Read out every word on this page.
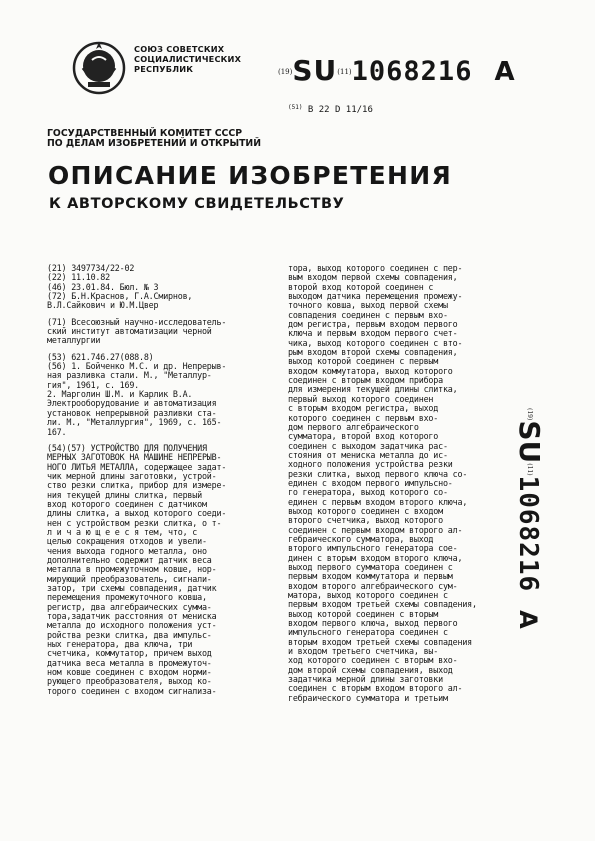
СОЮЗ СОВЕТСКИХ
СОЦИАЛИСТИЧЕСКИХ
РЕСПУБЛИК	$^{(19)}$SU$^{(11)}$1068216 A
$^{(51)}$ В 22 D 11/16
ГОСУДАРСТВЕННЫЙ КОМИТЕТ СССР
ПО ДЕЛАМ ИЗОБРЕТЕНИЙ И ОТКРЫТИЙ
ОПИСАНИЕ ИЗОБРЕТЕНИЯ
К АВТОРСКОМУ СВИДЕТЕЛЬСТВУ
(21) 3497734/22-02
(22) 11.10.82
(46) 23.01.84. Бюл. № 3
(72) Б.Н.Краснов, Г.А.Смирнов,
В.Л.Сайкович и Ю.М.Цвер
(71) Всесоюзный научно-исследователь-
ский институт автоматизации черной
металлургии
(53) 621.746.27(088.8)
(56) 1. Бойченко М.С. и др. Непрерыв-
ная разливка стали. М., "Металлур-
гия", 1961, с. 169.
2. Марголин Ш.М. и Карлик В.А.
Электрооборудование и автоматизация
установок непрерывной разливки ста-
ли. М., "Металлургия", 1969, с. 165-
167.
(54)(57) УСТРОЙСТВО ДЛЯ ПОЛУЧЕНИЯ
МЕРНЫХ ЗАГОТОВОК НА МАШИНЕ НЕПРЕРЫВ-
НОГО ЛИТЬЯ МЕТАЛЛА, содержащее задат-
чик мерной длины заготовки, устрой-
ство резки слитка, прибор для измере-
ния текущей длины слитка, первый
вход которого соединен с датчиком
длины слитка, а выход которого соеди-
нен с устройством резки слитка, о т-
л и ч а ю щ е е с я тем, что, с
целью сокращения отходов и увели-
чения выхода годного металла, оно
дополнительно содержит датчик веса
металла в промежуточном ковше, нор-
мирующий преобразователь, сигнали-
затор, три схемы совпадения, датчик
перемещения промежуточного ковша,
регистр, два алгебраических сумма-
тора,задатчик расстояния от мениска
металла до исходного положения уст-
ройства резки слитка, два импульс-
ных генератора, два ключа, три
счетчика, коммутатор, причем выход
датчика веса металла в промежуточ-
ном ковше соединен с входом норми-
рующего преобразователя, выход ко-
торого соединен с входом сигнализа-
тора, выход которого соединен с пер-
вым входом первой схемы совпадения,
второй вход которой соединен с
выходом датчика перемещения промежу-
точного ковша, выход первой схемы
совпадения соединен с первым вхо-
дом регистра, первым входом первого
ключа и первым входом первого счет-
чика, выход которого соединен с вто-
рым входом второй схемы совпадения,
выход которой соединен с первым
входом коммутатора, выход которого
соединен с вторым входом прибора
для измерения текущей длины слитка,
первый выход которого соединен
с вторым входом регистра, выход
которого соединен с первым вхо-
дом первого алгебраического
сумматора, второй вход которого
соединен с выходом задатчика рас-
стояния от мениска металла до ис-
ходного положения устройства резки
резки слитка, выход первого ключа со-
единен с входом первого импульсно-
го генератора, выход которого со-
единен с первым входом второго ключа,
выход которого соединен с входом
второго счетчика, выход которого
соединен с первым входом второго ал-
гебраического сумматора, выход
второго импульсного генератора сое-
динен с вторым входом второго ключа,
выход первого сумматора соединен с
первым входом коммутатора и первым
входом второго алгебраического сум-
матора, выход которого соединен с
первым входом третьей схемы совпадения,
выход которой соединен с вторым
входом первого ключа, выход первого
импульсного генератора соединен с
вторым входом третьей схемы совпадения
и входом третьего счетчика, вы-
ход которого соединен с вторым вхо-
дом второй схемы совпадения, выход
задатчика мерной длины заготовки
соединен с вторым входом второго ал-
гебраического сумматора и третьим
$^{(19)}$SU$^{(11)}$1068216A
